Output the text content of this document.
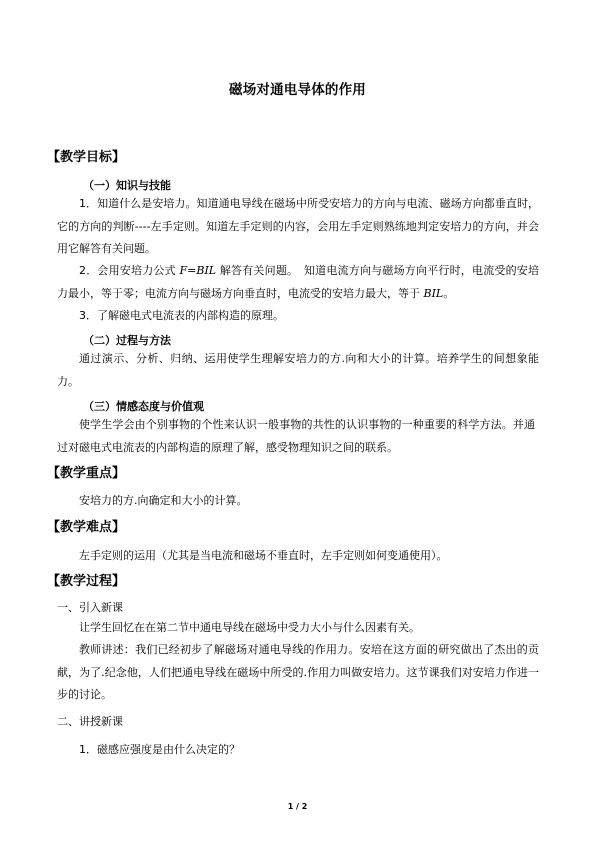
磁场对通电导体的作用
【教学目标】
（一）知识与技能
1．知道什么是安培力。知道通电导线在磁场中所受安培力的方向与电流、磁场方向都垂直时，它的方向的判断----左手定则。知道左手定则的内容，会用左手定则熟练地判定安培力的方向，并会用它解答有关问题。
2．会用安培力公式 F=BIL 解答有关问题。　知道电流方向与磁场方向平行时，电流受的安培力最小，等于零；电流方向与磁场方向垂直时，电流受的安培力最大，等于 BIL。
3．了解磁电式电流表的内部构造的原理。
（二）过程与方法
通过演示、分析、归纳、运用使学生理解安培力的方.向和大小的计算。培养学生的间想象能力。
（三）情感态度与价值观
使学生学会由个别事物的个性来认识一般事物的共性的认识事物的一种重要的科学方法。并通过对磁电式电流表的内部构造的原理了解，感受物理知识之间的联系。
【教学重点】
安培力的方.向确定和大小的计算。
【教学难点】
左手定则的运用（尤其是当电流和磁场不垂直时，左手定则如何变通使用）。
【教学过程】
一、引入新课
让学生回忆在在第二节中通电导线在磁场中受力大小与什么因素有关。
教师讲述：我们已经初步了解磁场对通电导线的作用力。安培在这方面的研究做出了杰出的贡献，为了.纪念他，人们把通电导线在磁场中所受的.作用力叫做安培力。这节课我们对安培力作进一步的讨论。
二、讲授新课
1．磁感应强度是由什么决定的？
1 / 2
